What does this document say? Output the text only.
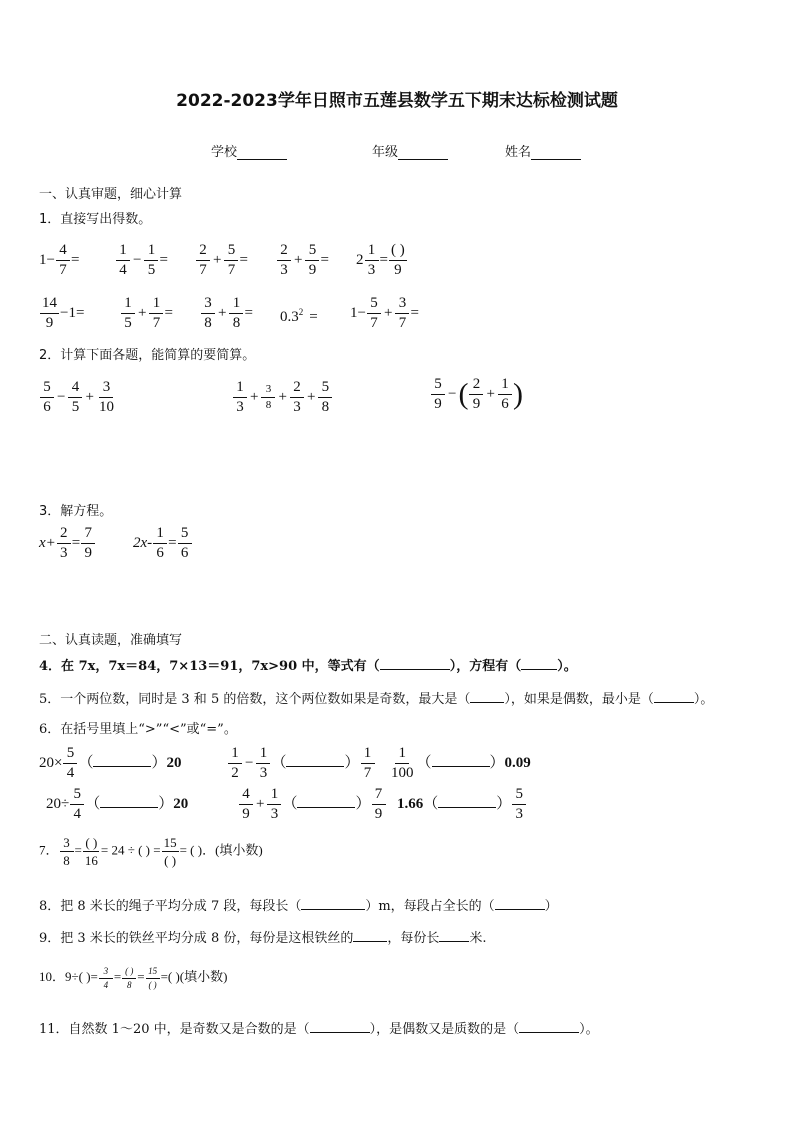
2022-2023学年日照市五莲县数学五下期末达标检测试题
学校	年级	姓名
一、认真审题，细心计算
1．直接写出得数。
$1- \frac{4}{7} = \frac{1}{4} - \frac{1}{5} = \frac{2}{7} + \frac{5}{7} = \frac{2}{3} + \frac{5}{9} = 2 \frac{1}{3} = \frac{( )}{9}$
$\frac{14}{9} -1= \frac{1}{5} + \frac{1}{7} = \frac{3}{8} + \frac{1}{8} = 0.3^2 = 1- \frac{5}{7} + \frac{3}{7}$ =
2．计算下面各题，能简算的要简算。
$\frac{5}{6} - \frac{4}{5} + \frac{3}{10}$	$\frac{1}{3} + \frac{3}{8} + \frac{2}{3} + \frac{5}{8}$	$\frac{5}{9}$ −( $\frac{2}{9} + \frac{1}{6}$ )
3．解方程。
$x+ \frac{2}{3} = \frac{7}{9}$	$2x- \frac{1}{6} = \frac{5}{6}$
二、认真读题，准确填写
4．在 7x，7x＝84，7×13＝91，7x>90 中，等式有（	），方程有（	）。
5．一个两位数，同时是 3 和 5 的倍数，这个两位数如果是奇数，最大是（	），如果是偶数，最小是（	）。
6．在括号里填上“>”“<”或“=”。
$20\times \frac{5}{4}$ （	）20	$\frac{1}{2} - \frac{1}{3}$ （	） $\frac{1}{7} \frac{1}{100}$ （	）0.09
$20\div \frac{5}{4}$ （	）20	$\frac{4}{9} + \frac{1}{3}$ （	） $\frac{7}{9} 1.66$（	） $\frac{5}{3}$
7． $\frac{3}{8} = \frac{( )}{16} = 24$ ÷ ( ) = $\frac{15}{( )}$ = ( )．(填小数)
8．把 8 米长的绳子平均分成 7 段，每段长（	）m，每段占全长的（	）
9．把 3 米长的铁丝平均分成 8 份，每份是这根铁丝的	，每份长 米.
10．9÷( )= $\frac{3}{4} = \frac{( )}{8} = \frac{15}{( )}$ =( )(填小数)
11．自然数 1～20 中，是奇数又是合数的是（	），是偶数又是质数的是（	）。
